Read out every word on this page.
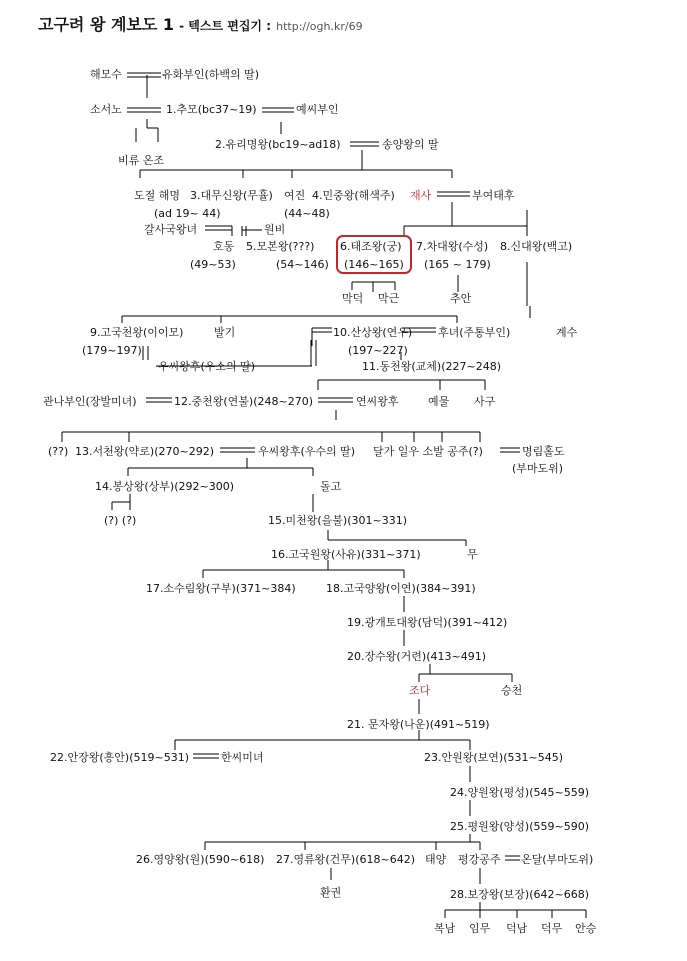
고구려 왕 계보도 1 - 텍스트 편집기 : http://ogh.kr/69
해모수	유화부인(하백의 딸)
소서노	1.추모(bc37~19)	예씨부인
비류 온조
2.유리명왕(bc19~ad18)	송양왕의 딸
도절 해명 3.대무신왕(무휼) 여진 4.민중왕(해색주) 재사	부여태후
(ad 19~ 44)	(44~48)
갈사국왕녀	원비
호동 5.모본왕(???) 6.태조왕(궁) 7.차대왕(수성) 8.신대왕(백고)
(49~53)	(54~146) (146~165) (165 ~ 179)
막덕 막근	추안
9.고국천왕(이이모)	발기	10.산상왕(연우) 후녀(주통부인)	계수
(179~197)	(197~227)
우씨왕후(우소의 딸)	11.동천왕(교체)(227~248)
관나부인(장발미녀)	12.중천왕(연불)(248~270)	연씨왕후	예물 사구
(??) 13.서천왕(약로)(270~292)	우씨왕후(우수의 딸) 달가 일우 소발 공주(?)	명림홀도
(부마도위)
14.봉상왕(상부)(292~300)	돌고
(?) (?)	15.미천왕(을불)(301~331)
16.고국원왕(사유)(331~371)	무
17.소수림왕(구부)(371~384)	18.고국양왕(이연)(384~391)
19.광개토대왕(담덕)(391~412)
20.장수왕(거련)(413~491)
조다	승천
21. 문자왕(나운)(491~519)
22.안장왕(흥안)(519~531)	한씨미녀	23.안원왕(보연)(531~545)
24.양원왕(평성)(545~559)
25.평원왕(양성)(559~590)
26.영양왕(원)(590~618) 27.영류왕(건무)(618~642) 태양 평강공주 온달(부마도위)
환권	28.보장왕(보장)(642~668)
복남 임무 덕남 덕무 안승
